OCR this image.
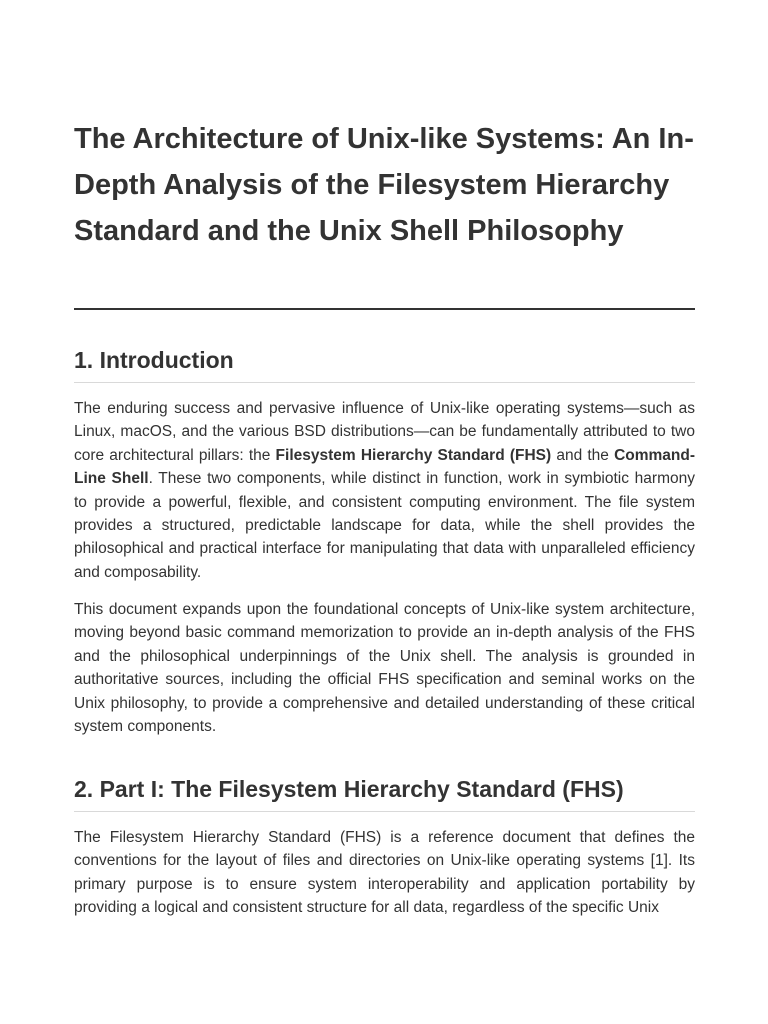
The Architecture of Unix-like Systems: An In-Depth Analysis of the Filesystem Hierarchy Standard and the Unix Shell Philosophy
1. Introduction

The enduring success and pervasive influence of Unix-like operating systems—such as Linux, macOS, and the various BSD distributions—can be fundamentally attributed to two core architectural pillars: the Filesystem Hierarchy Standard (FHS) and the Command-Line Shell. These two components, while distinct in function, work in symbiotic harmony to provide a powerful, flexible, and consistent computing environment. The file system provides a structured, predictable landscape for data, while the shell provides the philosophical and practical interface for manipulating that data with unparalleled efficiency and composability.

This document expands upon the foundational concepts of Unix-like system architecture, moving beyond basic command memorization to provide an in-depth analysis of the FHS and the philosophical underpinnings of the Unix shell. The analysis is grounded in authoritative sources, including the official FHS specification and seminal works on the Unix philosophy, to provide a comprehensive and detailed understanding of these critical system components.

2. Part I: The Filesystem Hierarchy Standard (FHS)

The Filesystem Hierarchy Standard (FHS) is a reference document that defines the conventions for the layout of files and directories on Unix-like operating systems [1]. Its primary purpose is to ensure system interoperability and application portability by providing a logical and consistent structure for all data, regardless of the specific Unix
